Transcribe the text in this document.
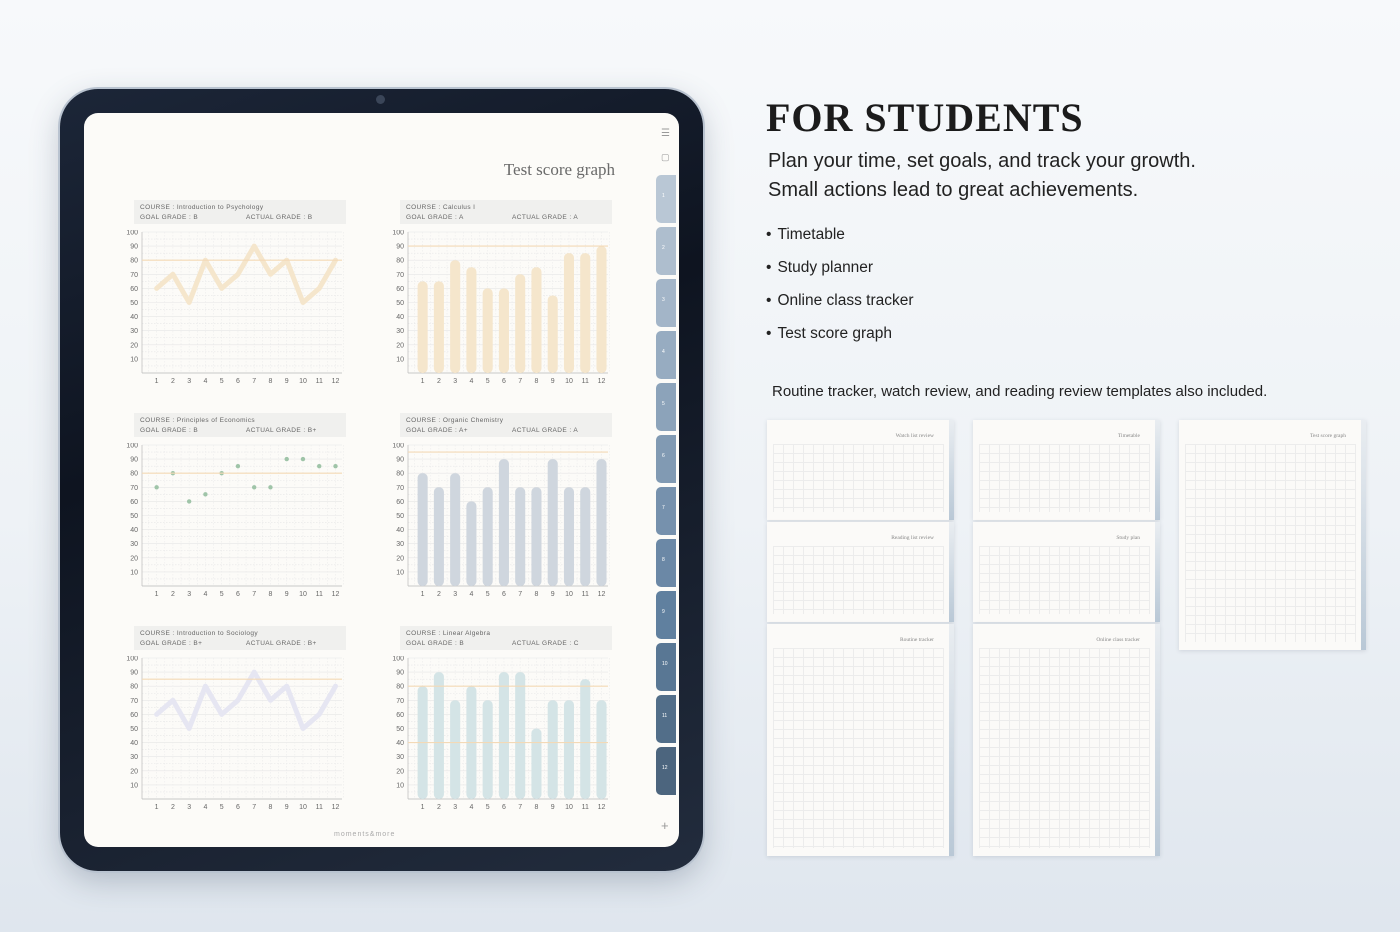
Test score graph
☰
▢
+
1
2
3
4
5
6
7
8
9
10
11
12
COURSE : Introduction to Psychology
GOAL GRADE : B	ACTUAL GRADE : B
100
90
80
70
60
50
40
30
20
10
1 2 3 4 5 6 7 8 9 10 11 12
COURSE : Calculus I
GOAL GRADE : A	ACTUAL GRADE : A
100
90
80
70
60
50
40
30
20
10
1 2 3 4 5 6 7 8 9 10 11 12
COURSE : Principles of Economics
GOAL GRADE : B	ACTUAL GRADE : B+
100
90
80
70
60
50
40
30
20
10
1 2 3 4 5 6 7 8 9 10 11 12
COURSE : Organic Chemistry
GOAL GRADE : A+	ACTUAL GRADE : A
100
90
80
70
60
50
40
30
20
10
1 2 3 4 5 6 7 8 9 10 11 12
COURSE : Introduction to Sociology
GOAL GRADE : B+	ACTUAL GRADE : B+
100
90
80
70
60
50
40
30
20
10
1 2 3 4 5 6 7 8 9 10 11 12
COURSE : Linear Algebra
GOAL GRADE : B	ACTUAL GRADE : C
100
90
80
70
60
50
40
30
20
10
1 2 3 4 5 6 7 8 9 10 11 12
moments&more
FOR STUDENTS
Plan your time, set goals, and track your growth.
Small actions lead to great achievements.
• Timetable
• Study planner
• Online class tracker
• Test score graph
Routine tracker, watch review, and reading review templates also included.
Watch list review	Timetable	Test score graph
Reading list review	Study plan
Routine tracker	Online class tracker
